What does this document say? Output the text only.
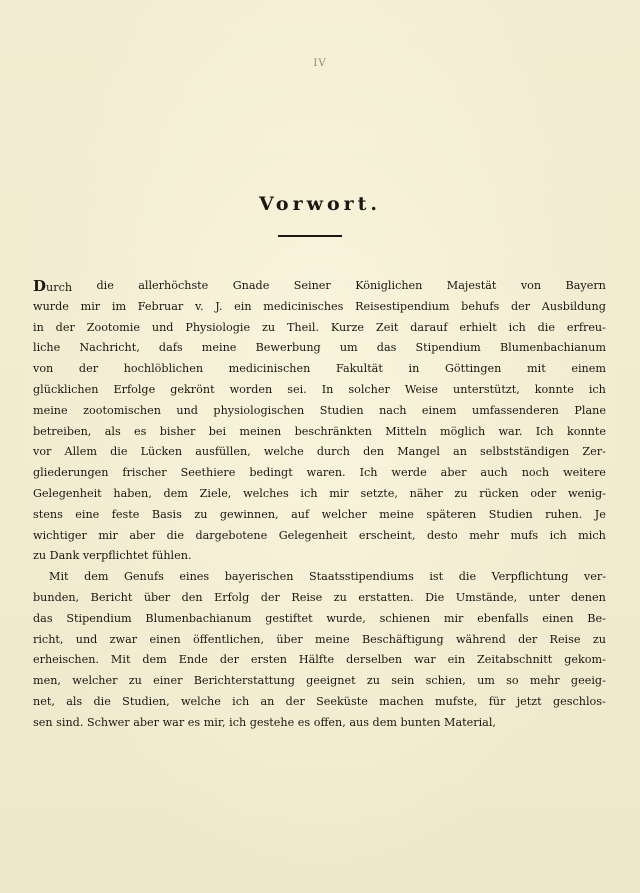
IV
Vorwort.
Durch die allerhöchste Gnade Seiner Königlichen Majestät von Bayern
wurde mir im Februar v. J. ein medicinisches Reisestipendium behufs der Ausbildung
in der Zootomie und Physiologie zu Theil. Kurze Zeit darauf erhielt ich die erfreu-
liche Nachricht, dafs meine Bewerbung um das Stipendium Blumenbachianum
von der hochlöblichen medicinischen Fakultät in Göttingen mit einem
glücklichen Erfolge gekrönt worden sei. In solcher Weise unterstützt, konnte ich
meine zootomischen und physiologischen Studien nach einem umfassenderen Plane
betreiben, als es bisher bei meinen beschränkten Mitteln möglich war. Ich konnte
vor Allem die Lücken ausfüllen, welche durch den Mangel an selbstständigen Zer-
gliederungen frischer Seethiere bedingt waren. Ich werde aber auch noch weitere
Gelegenheit haben, dem Ziele, welches ich mir setzte, näher zu rücken oder wenig-
stens eine feste Basis zu gewinnen, auf welcher meine späteren Studien ruhen. Je
wichtiger mir aber die dargebotene Gelegenheit erscheint, desto mehr mufs ich mich
zu
Dank
verpflichtet
fühlen.
Mit dem Genufs eines bayerischen Staatsstipendiums ist die Verpflichtung ver-
bunden, Bericht über den Erfolg der Reise zu erstatten. Die Umstände, unter denen
das Stipendium Blumenbachianum gestiftet wurde, schienen mir ebenfalls einen Be-
richt, und zwar einen öffentlichen, über meine Beschäftigung während der Reise zu
erheischen. Mit dem Ende der ersten Hälfte derselben war ein Zeitabschnitt gekom-
men, welcher zu einer Berichterstattung geeignet zu sein schien, um so mehr geeig-
net, als die Studien, welche ich an der Seeküste machen mufste, für jetzt geschlos-
sen
sind.
Schwer
aber
war
es
mir,
ich
gestehe
es
offen,
aus
dem
bunten
Material,
